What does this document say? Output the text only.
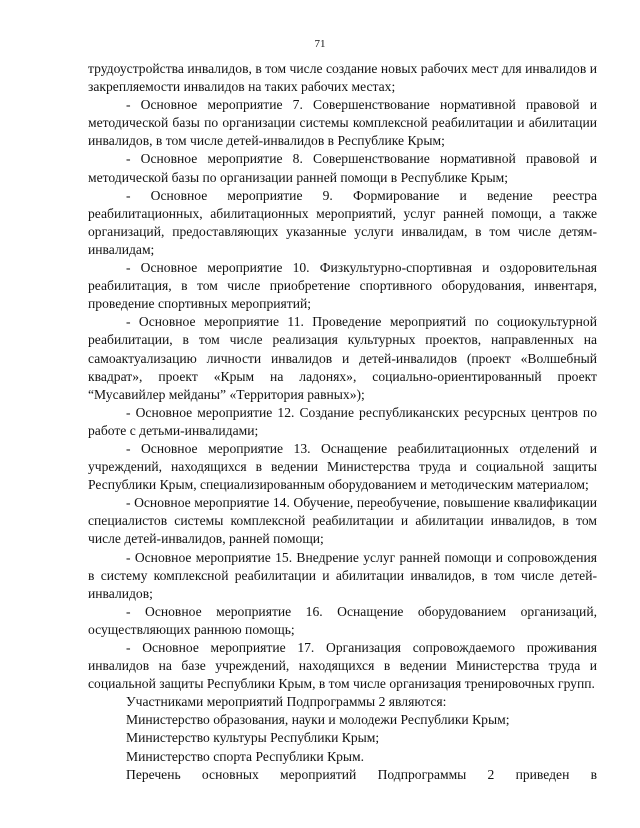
71

трудоустройства инвалидов, в том числе создание новых рабочих мест для инвалидов и закрепляемости инвалидов на таких рабочих местах;

- Основное мероприятие 7. Совершенствование нормативной правовой и методической базы по организации системы комплексной реабилитации и абилитации инвалидов, в том числе детей-инвалидов в Республике Крым;

- Основное мероприятие 8. Совершенствование нормативной правовой и методической базы по организации ранней помощи в Республике Крым;

- Основное мероприятие 9. Формирование и ведение реестра реабилитационных, абилитационных мероприятий, услуг ранней помощи, а также организаций, предоставляющих указанные услуги инвалидам, в том числе детям-инвалидам;

- Основное мероприятие 10. Физкультурно-спортивная и оздоровительная реабилитация, в том числе приобретение спортивного оборудования, инвентаря, проведение спортивных мероприятий;

- Основное мероприятие 11. Проведение мероприятий по социокультурной реабилитации, в том числе реализация культурных проектов, направленных на самоактуализацию личности инвалидов и детей-инвалидов (проект «Волшебный квадрат», проект «Крым на ладонях», социально-ориентированный проект “Мусавийлер мейданы” «Территория равных»);

- Основное мероприятие 12. Создание республиканских ресурсных центров по работе с детьми-инвалидами;

- Основное мероприятие 13. Оснащение реабилитационных отделений и учреждений, находящихся в ведении Министерства труда и социальной защиты Республики Крым, специализированным оборудованием и методическим материалом;

- Основное мероприятие 14. Обучение, переобучение, повышение квалификации специалистов системы комплексной реабилитации и абилитации инвалидов, в том числе детей-инвалидов, ранней помощи;

- Основное мероприятие 15. Внедрение услуг ранней помощи и сопровождения в систему комплексной реабилитации и абилитации инвалидов, в том числе детей-инвалидов;

- Основное мероприятие 16. Оснащение оборудованием организаций, осуществляющих раннюю помощь;

- Основное мероприятие 17. Организация сопровождаемого проживания инвалидов на базе учреждений, находящихся в ведении Министерства труда и социальной защиты Республики Крым, в том числе организация тренировочных групп.

Участниками мероприятий Подпрограммы 2 являются:

Министерство образования, науки и молодежи Республики Крым;

Министерство культуры Республики Крым;

Министерство спорта Республики Крым.

Перечень основных мероприятий Подпрограммы 2 приведен в
